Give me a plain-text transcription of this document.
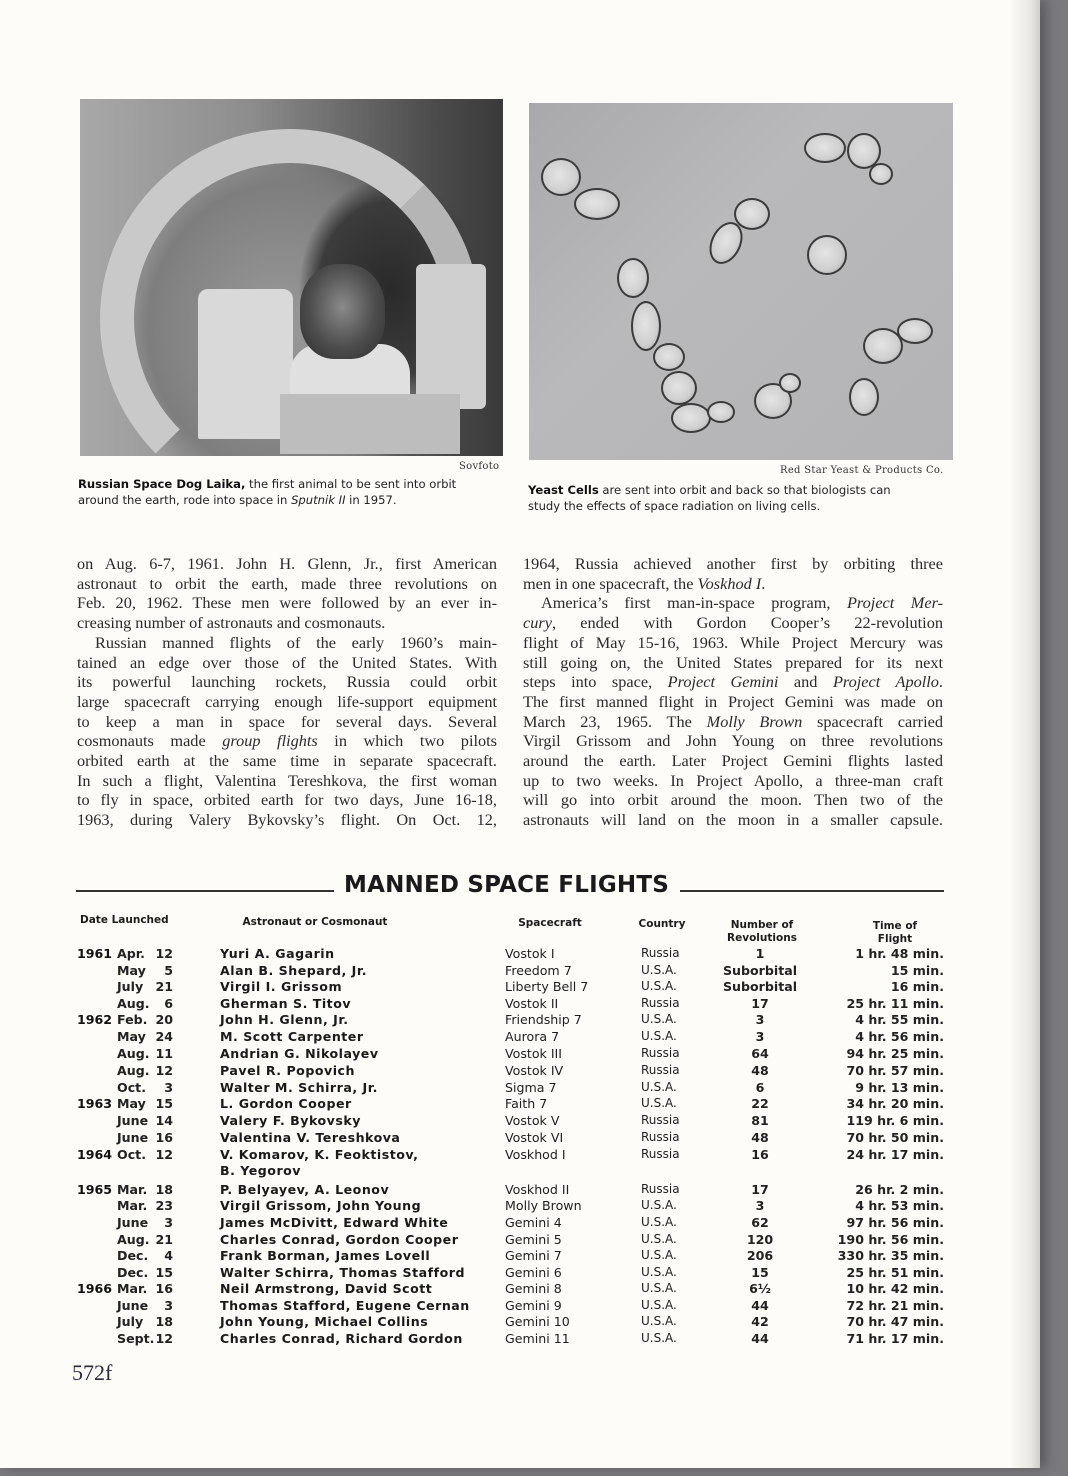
Sovfoto
Russian Space Dog Laika, the first animal to be sent into orbit
around the earth, rode into space in Sputnik II in 1957.
Red Star Yeast & Products Co.
Yeast Cells are sent into orbit and back so that biologists can
study the effects of space radiation on living cells.

on Aug. 6-7, 1961. John H. Glenn, Jr., first American

astronaut to orbit the earth, made three revolutions on

Feb. 20, 1962. These men were followed by an ever in-

creasing number of astronauts and cosmonauts.

Russian manned flights of the early 1960’s main-

tained an edge over those of the United States. With

its powerful launching rockets, Russia could orbit

large spacecraft carrying enough life-support equipment

to keep a man in space for several days. Several

cosmonauts made group flights in which two pilots

orbited earth at the same time in separate spacecraft.

In such a flight, Valentina Tereshkova, the first woman

to fly in space, orbited earth for two days, June 16-18,

1963, during Valery Bykovsky’s flight. On Oct. 12,

1964, Russia achieved another first by orbiting three

men in one spacecraft, the Voskhod I.

America’s first man-in-space program, Project Mer-

cury, ended with Gordon Cooper’s 22-revolution

flight of May 15-16, 1963. While Project Mercury was

still going on, the United States prepared for its next

steps into space, Project Gemini and Project Apollo.

The first manned flight in Project Gemini was made on

March 23, 1965. The Molly Brown spacecraft carried

Virgil Grissom and John Young on three revolutions

around the earth. Later Project Gemini flights lasted

up to two weeks. In Project Apollo, a three-man craft

will go into orbit around the moon. Then two of the

astronauts will land on the moon in a smaller capsule.

MANNED SPACE FLIGHTS
Date Launched	Astronaut or Cosmonaut	Spacecraft	Country	Number of
Revolutions
Time of
Flight
1961 Apr. 12	Yuri A. Gagarin	Vostok I	Russia	1	1 hr. 48 min.
May 5	Alan B. Shepard, Jr.	Freedom 7	U.S.A.	Suborbital	15 min.
July 21	Virgil I. Grissom	Liberty Bell 7	U.S.A.	Suborbital	16 min.
Aug. 6	Gherman S. Titov	Vostok II	Russia	17	25 hr. 11 min.
1962 Feb. 20	John H. Glenn, Jr.	Friendship 7	U.S.A.	3	4 hr. 55 min.
May 24	M. Scott Carpenter	Aurora 7	U.S.A.	3	4 hr. 56 min.
Aug. 11	Andrian G. Nikolayev	Vostok III	Russia	64	94 hr. 25 min.
Aug. 12	Pavel R. Popovich	Vostok IV	Russia	48	70 hr. 57 min.
Oct. 3	Walter M. Schirra, Jr.	Sigma 7	U.S.A.	6	9 hr. 13 min.
1963 May 15	L. Gordon Cooper	Faith 7	U.S.A.	22	34 hr. 20 min.
June 14	Valery F. Bykovsky	Vostok V	Russia	81	119 hr. 6 min.
June 16	Valentina V. Tereshkova	Vostok VI	Russia	48	70 hr. 50 min.
1964 Oct. 12	V. Komarov, K. Feoktistov,	Voskhod I	Russia	16	24 hr. 17 min.
B. Yegorov
1965 Mar. 18	P. Belyayev, A. Leonov	Voskhod II	Russia	17	26 hr. 2 min.
Mar. 23	Virgil Grissom, John Young	Molly Brown	U.S.A.	3	4 hr. 53 min.
June 3	James McDivitt, Edward White	Gemini 4	U.S.A.	62	97 hr. 56 min.
Aug. 21	Charles Conrad, Gordon Cooper	Gemini 5	U.S.A.	120	190 hr. 56 min.
Dec. 4	Frank Borman, James Lovell	Gemini 7	U.S.A.	206	330 hr. 35 min.
Dec. 15	Walter Schirra, Thomas Stafford	Gemini 6	U.S.A.	15	25 hr. 51 min.
1966 Mar. 16	Neil Armstrong, David Scott	Gemini 8	U.S.A.	6½	10 hr. 42 min.
June 3	Thomas Stafford, Eugene Cernan	Gemini 9	U.S.A.	44	72 hr. 21 min.
July 18	John Young, Michael Collins	Gemini 10	U.S.A.	42	70 hr. 47 min.
Sept. 12	Charles Conrad, Richard Gordon	Gemini 11	U.S.A.	44	71 hr. 17 min.
572f
